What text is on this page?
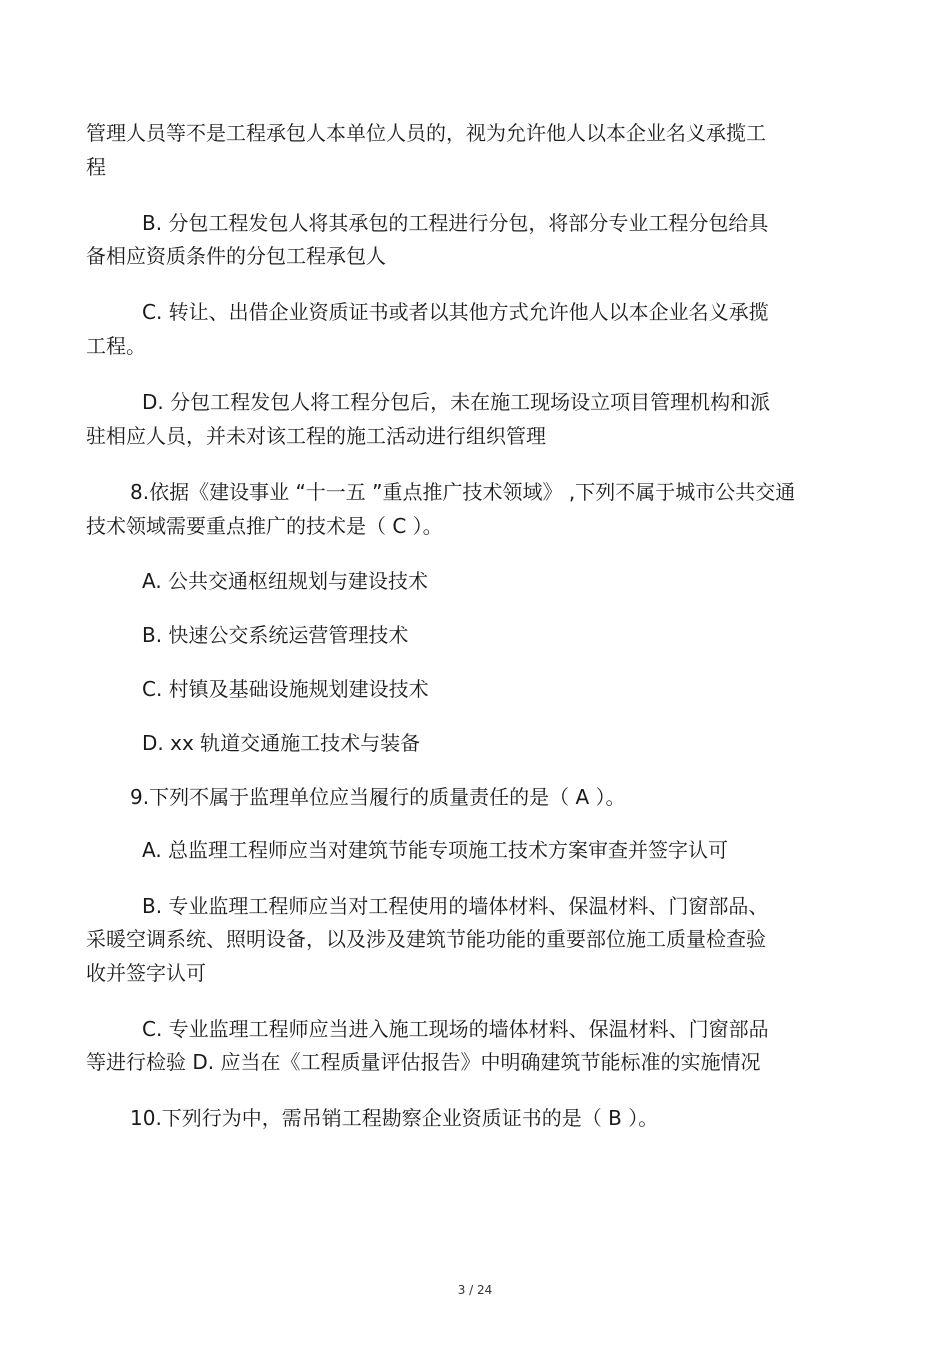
管理人员等不是工程承包人本单位人员的，视为允许他人以本企业名义承揽工
程
B. 分包工程发包人将其承包的工程进行分包，将部分专业工程分包给具
备相应资质条件的分包工程承包人
C. 转让、出借企业资质证书或者以其他方式允许他人以本企业名义承揽
工程。
D. 分包工程发包人将工程分包后，未在施工现场设立项目管理机构和派
驻相应人员，并未对该工程的施工活动进行组织管理
8.依据《建设事业 “十一五 ”重点推广技术领域》 ,下列不属于城市公共交通
技术领域需要重点推广的技术是（ C ）。
A. 公共交通枢纽规划与建设技术
B. 快速公交系统运营管理技术
C. 村镇及基础设施规划建设技术
D. xx 轨道交通施工技术与装备
9.下列不属于监理单位应当履行的质量责任的是（ A ）。
A. 总监理工程师应当对建筑节能专项施工技术方案审查并签字认可
B. 专业监理工程师应当对工程使用的墙体材料、保温材料、门窗部品、
采暖空调系统、照明设备，以及涉及建筑节能功能的重要部位施工质量检查验
收并签字认可
C. 专业监理工程师应当进入施工现场的墙体材料、保温材料、门窗部品
等进行检验 D. 应当在《工程质量评估报告》中明确建筑节能标准的实施情况
10.下列行为中，需吊销工程勘察企业资质证书的是（ B ）。
3 / 24
